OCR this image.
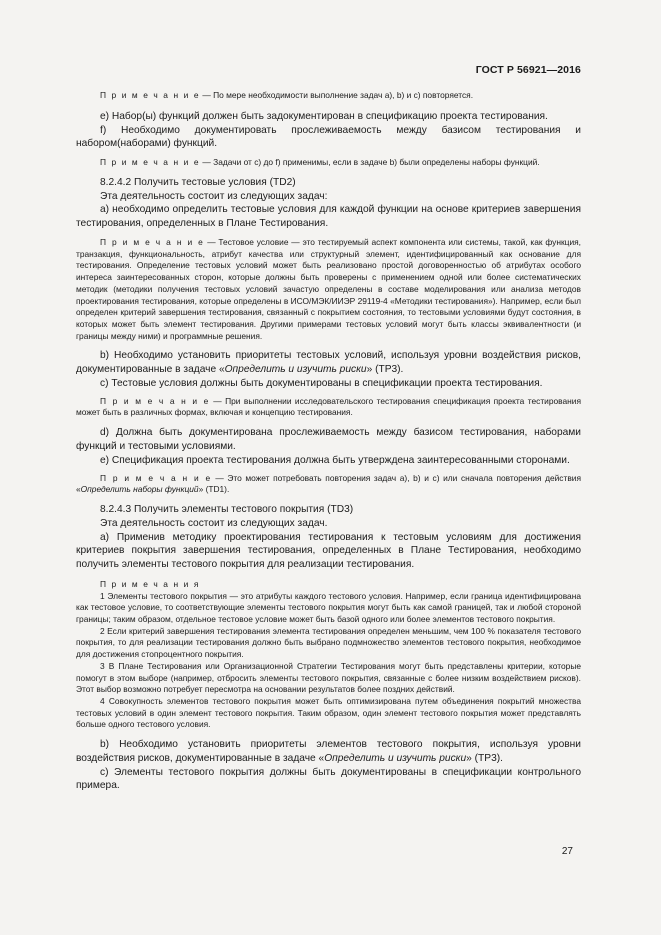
ГОСТ Р 56921—2016

П р и м е ч а н и е — По мере необходимости выполнение задач a), b) и c) повторяется.

e) Набор(ы) функций должен быть задокументирован в спецификацию проекта тестирования.

f) Необходимо документировать прослеживаемость между базисом тестирования и набором(наборами) функций.

П р и м е ч а н и е — Задачи от c) до f) применимы, если в задаче b) были определены наборы функций.

8.2.4.2 Получить тестовые условия (TD2)

Эта деятельность состоит из следующих задач:

a) необходимо определить тестовые условия для каждой функции на основе критериев завершения тестирования, определенных в Плане Тестирования.

П р и м е ч а н и е — Тестовое условие — это тестируемый аспект компонента или системы, такой, как функция, транзакция, функциональность, атрибут качества или структурный элемент, идентифицированный как основание для тестирования. Определение тестовых условий может быть реализовано простой договоренностью об атрибутах особого интереса заинтересованных сторон, которые должны быть проверены с применением одной или более систематических методик (методики получения тестовых условий зачастую определены в составе моделирования или анализа методов проектирования тестирования, которые определены в ИСО/МЭК/ИИЭР 29119-4 «Методики тестирования»). Например, если был определен критерий завершения тестирования, связанный с покрытием состояния, то тестовыми условиями будут состояния, в которых может быть элемент тестирования. Другими примерами тестовых условий могут быть классы эквивалентности (и границы между ними) и программные решения.

b) Необходимо установить приоритеты тестовых условий, используя уровни воздействия рисков, документированные в задаче «Определить и изучить риски» (TP3).

c) Тестовые условия должны быть документированы в спецификации проекта тестирования.

П р и м е ч а н и е — При выполнении исследовательского тестирования спецификация проекта тестирования может быть в различных формах, включая и концепцию тестирования.

d) Должна быть документирована прослеживаемость между базисом тестирования, наборами функций и тестовыми условиями.

e) Спецификация проекта тестирования должна быть утверждена заинтересованными сторонами.

П р и м е ч а н и е — Это может потребовать повторения задач a), b) и c) или сначала повторения действия «Определить наборы функций» (TD1).

8.2.4.3 Получить элементы тестового покрытия (TD3)

Эта деятельность состоит из следующих задач.

a) Применив методику проектирования тестирования к тестовым условиям для достижения критериев покрытия завершения тестирования, определенных в Плане Тестирования, необходимо получить элементы тестового покрытия для реализации тестирования.

П р и м е ч а н и я

1 Элементы тестового покрытия — это атрибуты каждого тестового условия. Например, если граница идентифицирована как тестовое условие, то соответствующие элементы тестового покрытия могут быть как самой границей, так и любой стороной границы; таким образом, отдельное тестовое условие может быть базой одного или более элементов тестового покрытия.

2 Если критерий завершения тестирования элемента тестирования определен меньшим, чем 100 % показателя тестового покрытия, то для реализации тестирования должно быть выбрано подмножество элементов тестового покрытия, необходимое для достижения стопроцентного покрытия.

3 В Плане Тестирования или Организационной Стратегии Тестирования могут быть представлены критерии, которые помогут в этом выборе (например, отбросить элементы тестового покрытия, связанные с более низким воздействием рисков). Этот выбор возможно потребует пересмотра на основании результатов более поздних действий.

4 Совокупность элементов тестового покрытия может быть оптимизирована путем объединения покрытий множества тестовых условий в один элемент тестового покрытия. Таким образом, один элемент тестового покрытия может представлять больше одного тестового условия.

b) Необходимо установить приоритеты элементов тестового покрытия, используя уровни воздействия рисков, документированные в задаче «Определить и изучить риски» (TP3).

c) Элементы тестового покрытия должны быть документированы в спецификации контрольного примера.

27
